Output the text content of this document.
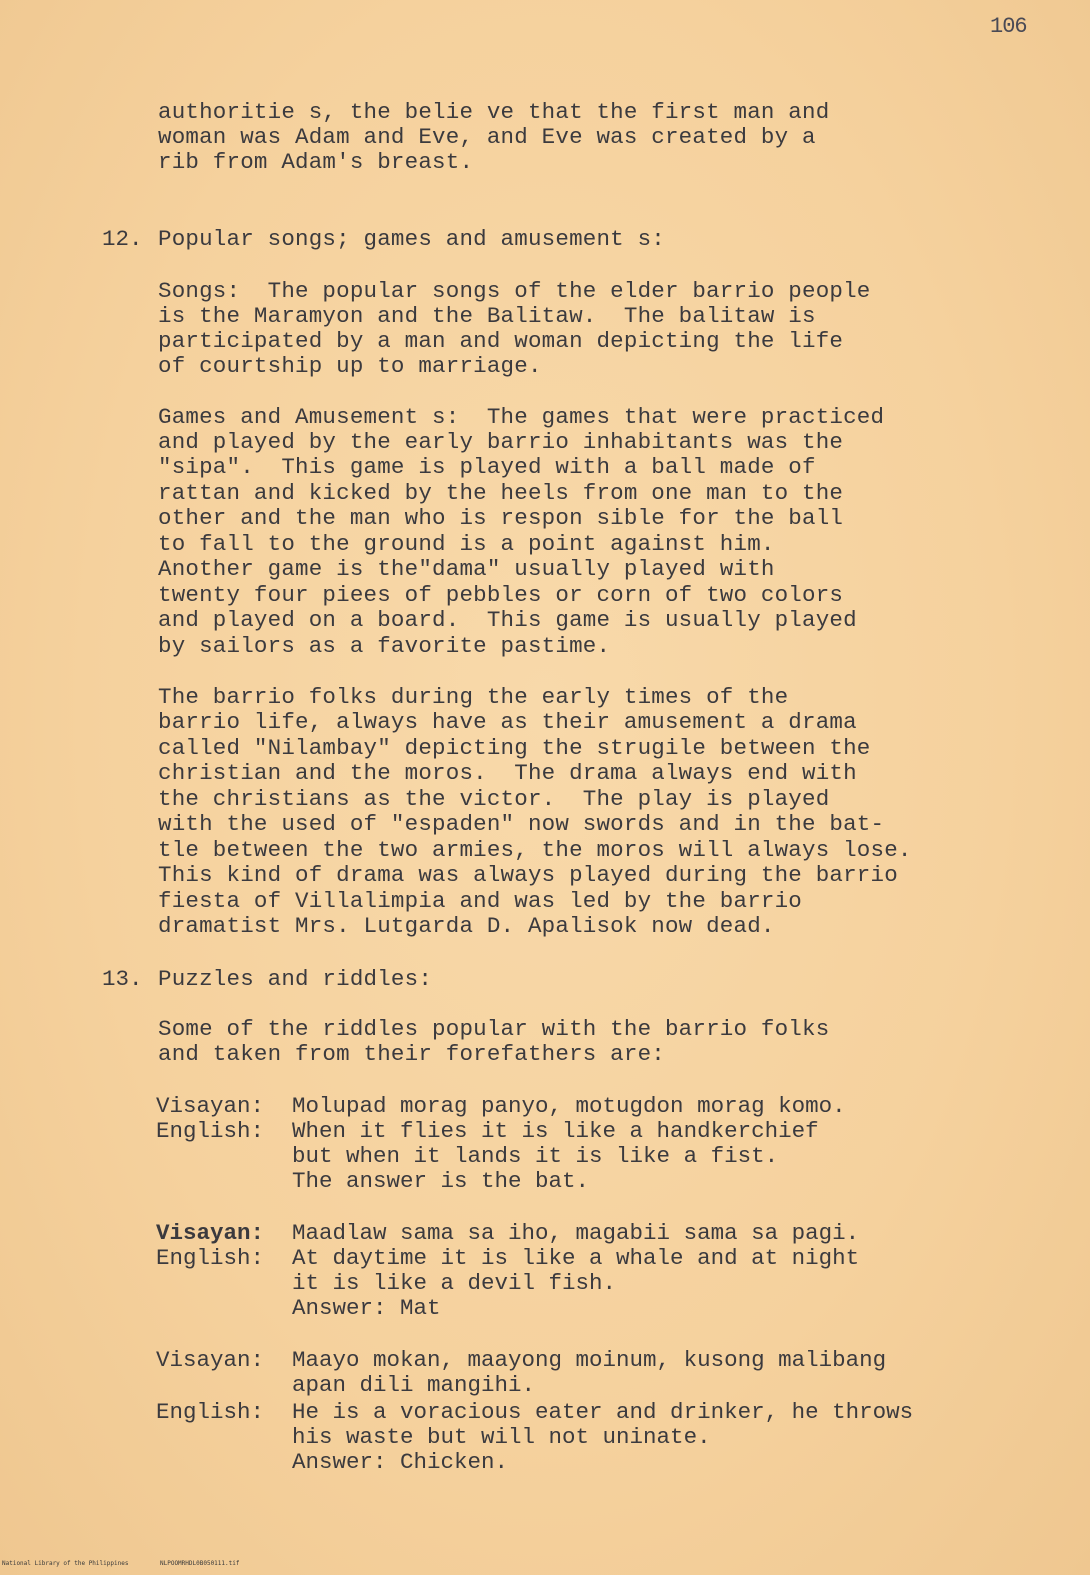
106
authoritie s, the belie ve that the first man and
woman was Adam and Eve, and Eve was created by a
rib from Adam's breast.
12. Popular songs; games and amusement s:
Songs:  The popular songs of the elder barrio people
is the Maramyon and the Balitaw.  The balitaw is
participated by a man and woman depicting the life
of courtship up to marriage.
Games and Amusement s:  The games that were practiced
and played by the early barrio inhabitants was the
"sipa".  This game is played with a ball made of
rattan and kicked by the heels from one man to the
other and the man who is respon sible for the ball
to fall to the ground is a point against him.
Another game is the"dama" usually played with
twenty four piees of pebbles or corn of two colors
and played on a board.  This game is usually played
by sailors as a favorite pastime.
The barrio folks during the early times of the
barrio life, always have as their amusement a drama
called "Nilambay" depicting the strugile between the
christian and the moros.  The drama always end with
the christians as the victor.  The play is played
with the used of "espaden" now swords and in the bat-
tle between the two armies, the moros will always lose.
This kind of drama was always played during the barrio
fiesta of Villalimpia and was led by the barrio
dramatist Mrs. Lutgarda D. Apalisok now dead.
13. Puzzles and riddles:
Some of the riddles popular with the barrio folks
and taken from their forefathers are:
Visayan: Molupad morag panyo, motugdon morag komo.
English: When it flies it is like a handkerchief
but when it lands it is like a fist.
The answer is the bat.
Visayan: Maadlaw sama sa iho, magabii sama sa pagi.
English: At daytime it is like a whale and at night
it is like a devil fish.
Answer: Mat
Visayan: Maayo mokan, maayong moinum, kusong malibang
apan dili mangihi.
English: He is a voracious eater and drinker, he throws
his waste but will not uninate.
Answer: Chicken.
National Library of the Philippines	NLPOOMRHDL0B050111.tif
